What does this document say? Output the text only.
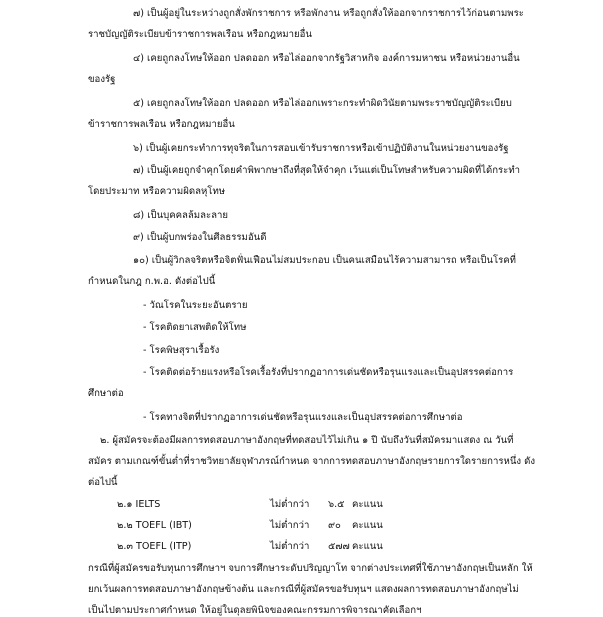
๗) เป็นผู้อยู่ในระหว่างถูกสั่งพักราชการ หรือพักงาน หรือถูกสั่งให้ออกจากราชการไว้ก่อนตามพระ
ราชบัญญัติระเบียบข้าราชการพลเรือน หรือกฎหมายอื่น
๔) เคยถูกลงโทษให้ออก ปลดออก หรือไล่ออกจากรัฐวิสาหกิจ องค์การมหาชน หรือหน่วยงานอื่น
ของรัฐ
๕) เคยถูกลงโทษให้ออก ปลดออก หรือไล่ออกเพราะกระทำผิดวินัยตามพระราชบัญญัติระเบียบ
ข้าราชการพลเรือน หรือกฎหมายอื่น
๖) เป็นผู้เคยกระทำการทุจริตในการสอบเข้ารับราชการหรือเข้าปฏิบัติงานในหน่วยงานของรัฐ
๗) เป็นผู้เคยถูกจำคุกโดยคำพิพากษาถึงที่สุดให้จำคุก เว้นแต่เป็นโทษสำหรับความผิดที่ได้กระทำ
โดยประมาท หรือความผิดลหุโทษ
๘) เป็นบุคคลล้มละลาย
๙) เป็นผู้บกพร่องในศีลธรรมอันดี
๑๐) เป็นผู้วิกลจริตหรือจิตฟั่นเฟือนไม่สมประกอบ เป็นคนเสมือนไร้ความสามารถ หรือเป็นโรคที่
กำหนดในกฎ ก.พ.อ. ดังต่อไปนี้
- วัณโรคในระยะอันตราย
- โรคติดยาเสพติดให้โทษ
- โรคพิษสุราเรื้อรัง
- โรคติดต่อร้ายแรงหรือโรคเรื้อรังที่ปรากฏอาการเด่นชัดหรือรุนแรงและเป็นอุปสรรคต่อการ
ศึกษาต่อ
- โรคทางจิตที่ปรากฏอาการเด่นชัดหรือรุนแรงและเป็นอุปสรรคต่อการศึกษาต่อ
๒. ผู้สมัครจะต้องมีผลการทดสอบภาษาอังกฤษที่ทดสอบไว้ไม่เกิน ๑ ปี นับถึงวันที่สมัครมาแสดง ณ วันที่
สมัคร ตามเกณฑ์ขั้นต่ำที่ราชวิทยาลัยจุฬาภรณ์กำหนด จากการทดสอบภาษาอังกฤษรายการใดรายการหนึ่ง ดัง
ต่อไปนี้
๒.๑ IELTS	ไม่ต่ำกว่า ๖.๕ คะแนน
๒.๒ TOEFL (IBT)	ไม่ต่ำกว่า ๙๐ คะแนน
๒.๓ TOEFL (ITP)	ไม่ต่ำกว่า ๕๗๗ คะแนน
กรณีที่ผู้สมัครขอรับทุนการศึกษาฯ จบการศึกษาระดับปริญญาโท จากต่างประเทศที่ใช้ภาษาอังกฤษเป็นหลัก ให้
ยกเว้นผลการทดสอบภาษาอังกฤษข้างต้น และกรณีที่ผู้สมัครขอรับทุนฯ แสดงผลการทดสอบภาษาอังกฤษไม่
เป็นไปตามประกาศกำหนด ให้อยู่ในดุลยพินิจของคณะกรรมการพิจารณาคัดเลือกฯ
